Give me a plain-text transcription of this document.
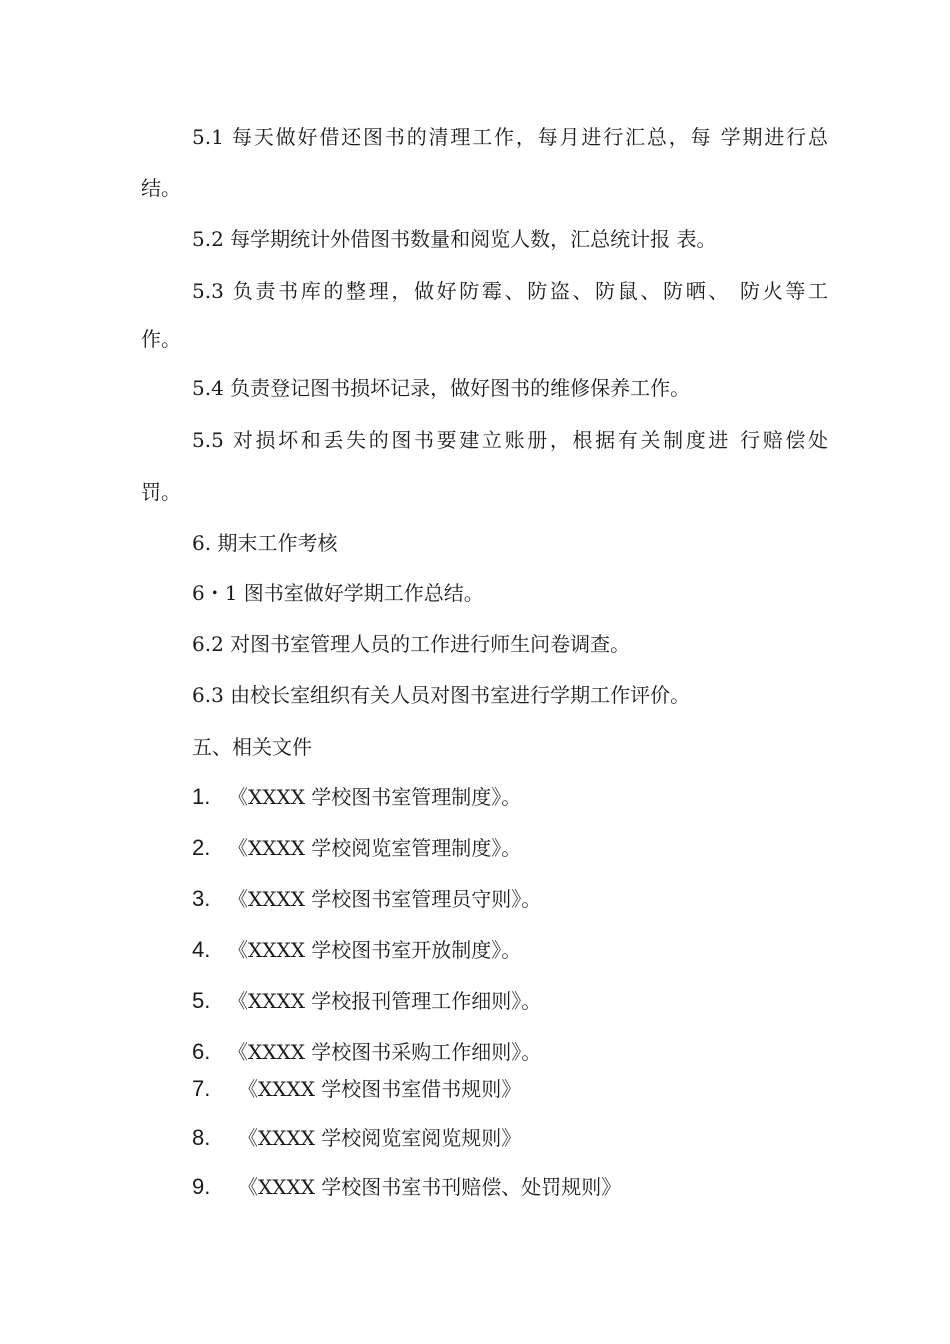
5.1 每天做好借还图书的清理工作，每月进行汇总，每 学期进行总
结。
5.2 每学期统计外借图书数量和阅览人数，汇总统计报 表。
5.3 负责书库的整理，做好防霉、防盗、防鼠、防晒、 防火等工
作。
5.4 负责登记图书损坏记录，做好图书的维修保养工作。
5.5 对损坏和丢失的图书要建立账册，根据有关制度进 行赔偿处
罚。
6. 期末工作考核
6・1 图书室做好学期工作总结。
6.2 对图书室管理人员的工作进行师生问卷调查。
6.3 由校长室组织有关人员对图书室进行学期工作评价。
五、相关文件
1. 《XXXX 学校图书室管理制度》。
2. 《XXXX 学校阅览室管理制度》。
3. 《XXXX 学校图书室管理员守则》。
4. 《XXXX 学校图书室开放制度》。
5. 《XXXX 学校报刊管理工作细则》。
6. 《XXXX 学校图书采购工作细则》。
7. 《XXXX 学校图书室借书规则》
8. 《XXXX 学校阅览室阅览规则》
9. 《XXXX 学校图书室书刊赔偿、处罚规则》
